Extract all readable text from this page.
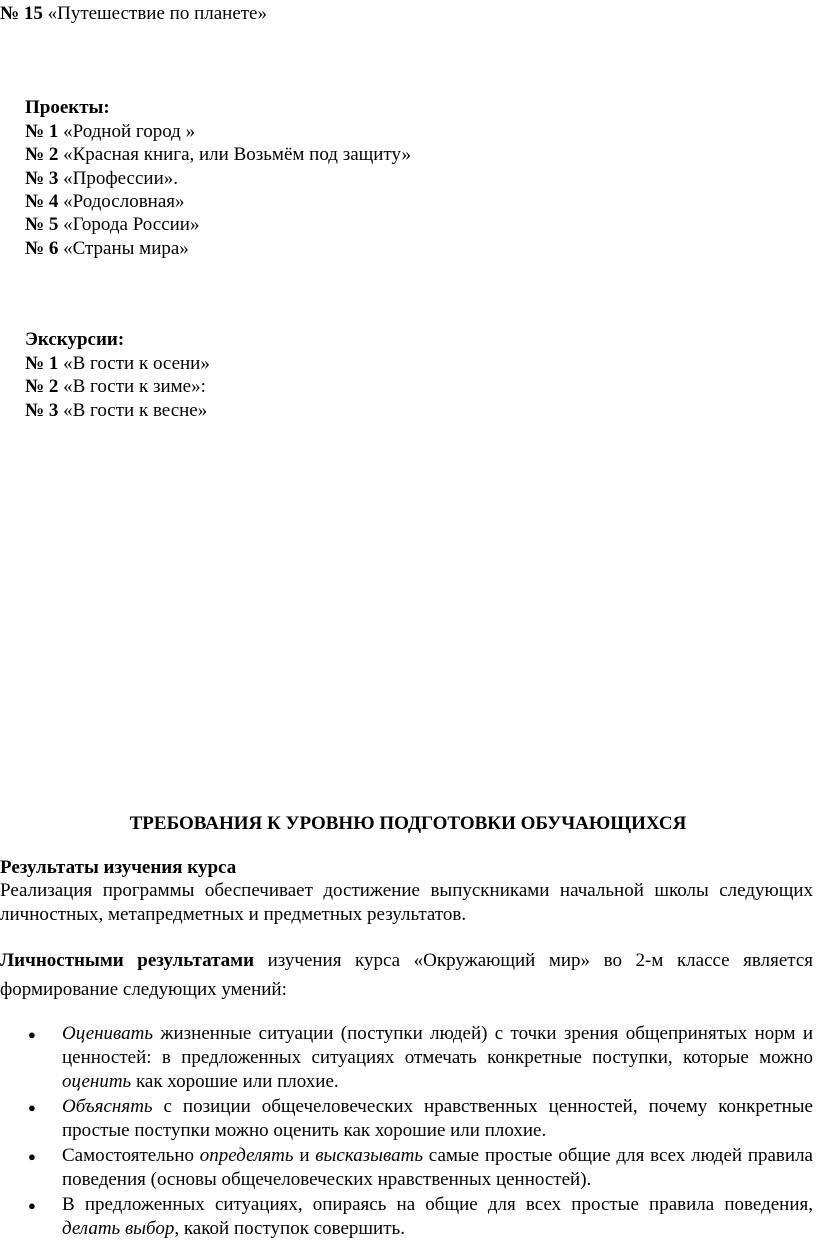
№ 15 «Путешествие по планете»
Проекты:
№ 1 «Родной город »
№ 2 «Красная книга, или Возьмём под защиту»
№ 3 «Профессии».
№ 4 «Родословная»
№ 5 «Города России»
№ 6 «Страны мира»
Экскурсии:
№ 1 «В гости к осени»
№ 2 «В гости к зиме»:
№ 3 «В гости к весне»
ТРЕБОВАНИЯ К УРОВНЮ ПОДГОТОВКИ ОБУЧАЮЩИХСЯ
Результаты изучения курса
Реализация программы обеспечивает достижение выпускниками начальной школы следующих личностных, метапредметных и предметных результатов.
Личностными результатами изучения курса «Окружающий мир» во 2-м классе является формирование следующих умений:
● Оценивать жизненные ситуации (поступки людей) с точки зрения общепринятых норм и ценностей: в предложенных ситуациях отмечать конкретные поступки, которые можно оценить как хорошие или плохие.
● Объяснять с позиции общечеловеческих нравственных ценностей, почему конкретные простые поступки можно оценить как хорошие или плохие.
● Самостоятельно определять и высказывать самые простые общие для всех людей правила поведения (основы общечеловеческих нравственных ценностей).
● В предложенных ситуациях, опираясь на общие для всех простые правила поведения, делать выбор, какой поступок совершить.
